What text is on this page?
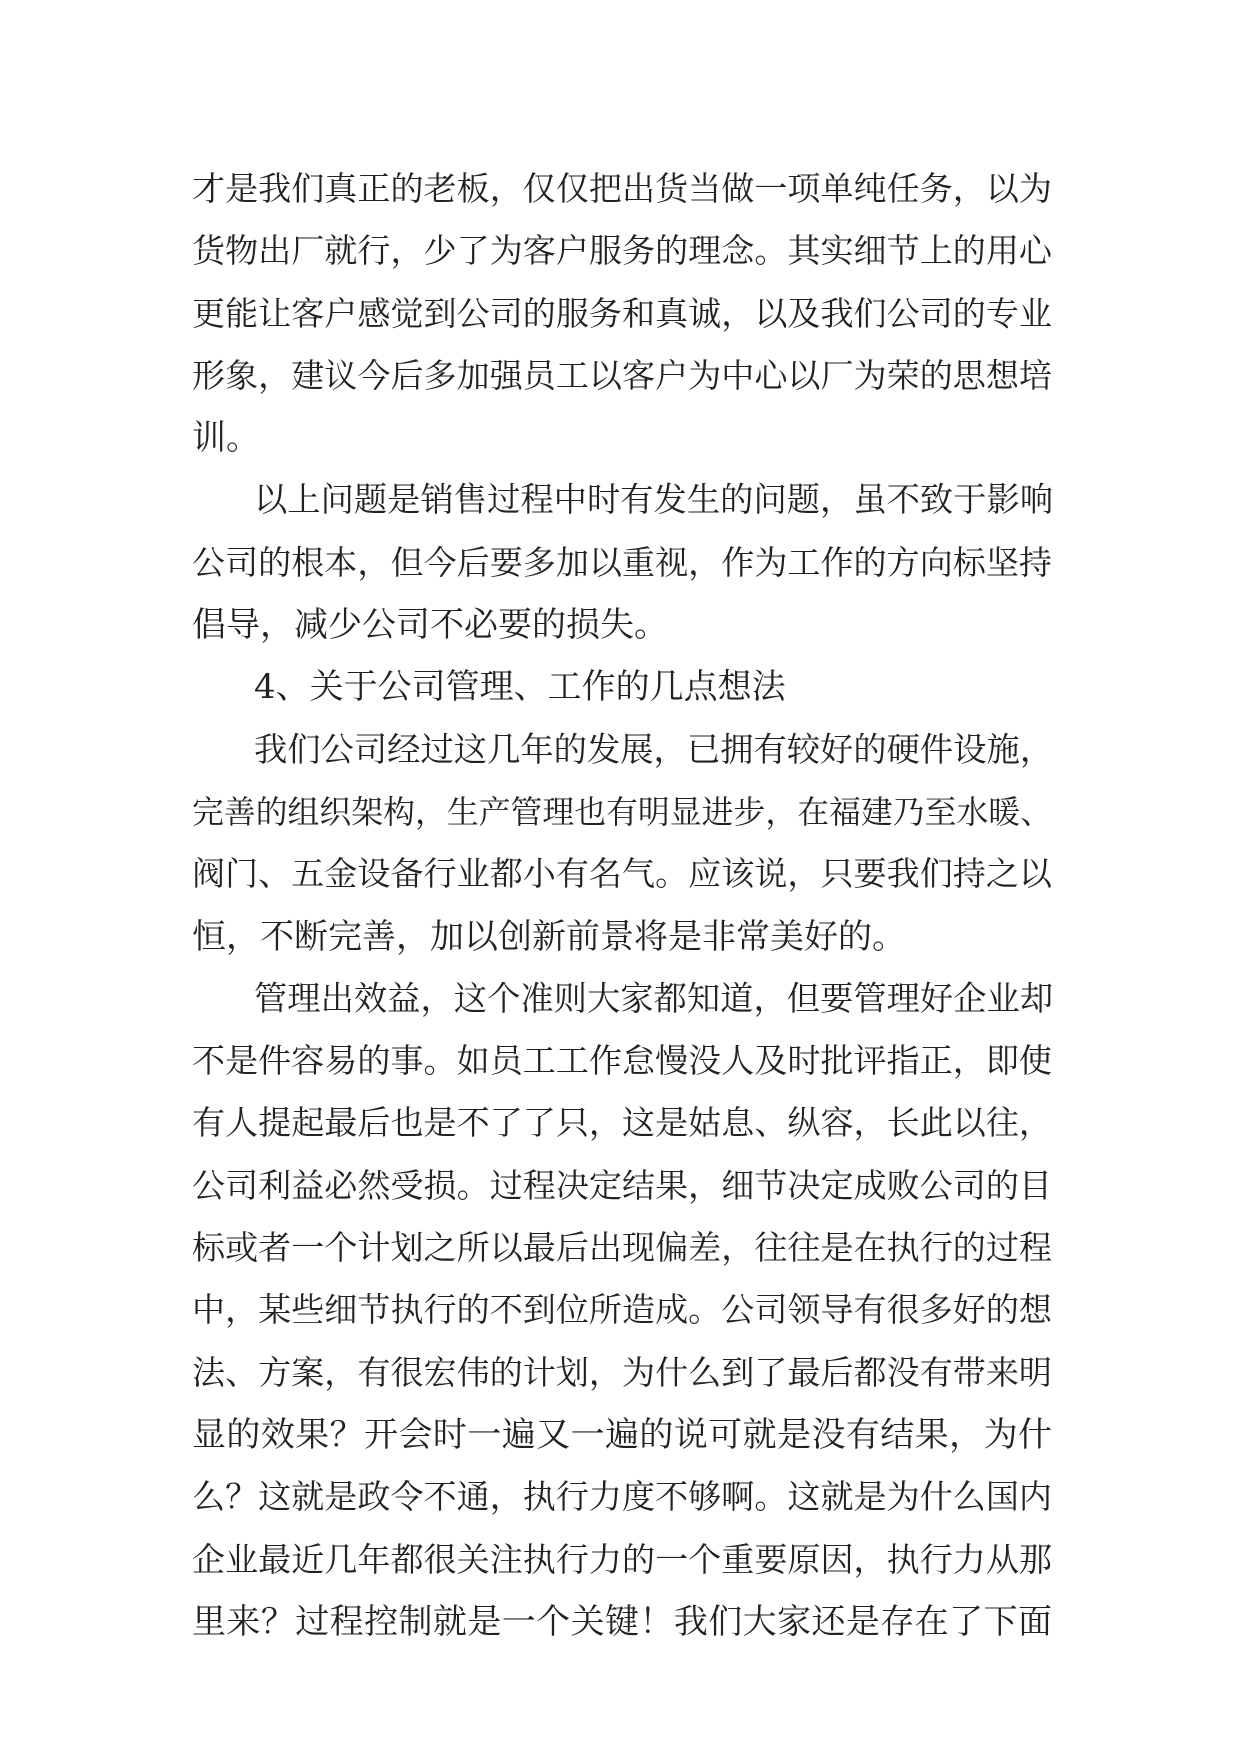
才是我们真正的老板，仅仅把出货当做一项单纯任务，以为
货物出厂就行，少了为客户服务的理念。其实细节上的用心
更能让客户感觉到公司的服务和真诚，以及我们公司的专业
形象，建议今后多加强员工以客户为中心以厂为荣的思想培
训。
以上问题是销售过程中时有发生的问题，虽不致于影响
公司的根本，但今后要多加以重视，作为工作的方向标坚持
倡导，减少公司不必要的损失。
4、关于公司管理、工作的几点想法
我们公司经过这几年的发展，已拥有较好的硬件设施，
完善的组织架构，生产管理也有明显进步，在福建乃至水暖、
阀门、五金设备行业都小有名气。应该说，只要我们持之以
恒，不断完善，加以创新前景将是非常美好的。
管理出效益，这个准则大家都知道，但要管理好企业却
不是件容易的事。如员工工作怠慢没人及时批评指正，即使
有人提起最后也是不了了只，这是姑息、纵容，长此以往，
公司利益必然受损。过程决定结果，细节决定成败公司的目
标或者一个计划之所以最后出现偏差，往往是在执行的过程
中，某些细节执行的不到位所造成。公司领导有很多好的想
法、方案，有很宏伟的计划，为什么到了最后都没有带来明
显的效果？开会时一遍又一遍的说可就是没有结果，为什
么？这就是政令不通，执行力度不够啊。这就是为什么国内
企业最近几年都很关注执行力的一个重要原因，执行力从那
里来？过程控制就是一个关键！我们大家还是存在了下面
